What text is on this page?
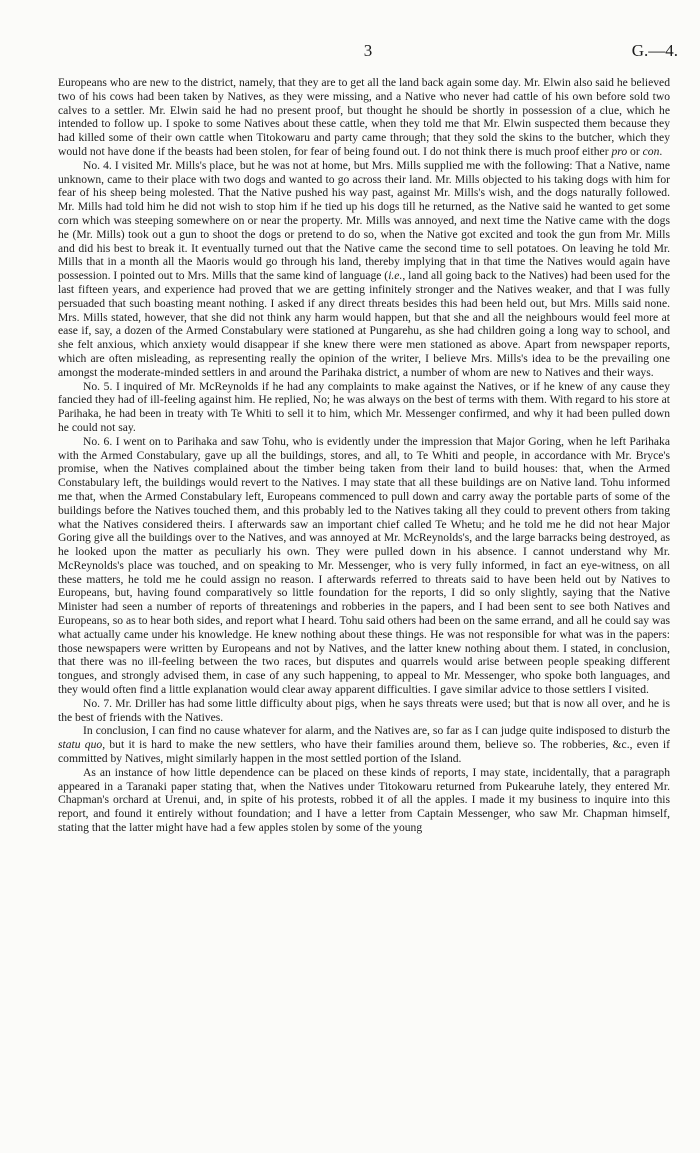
3	G.—4.

Europeans who are new to the district, namely, that they are to get all the land back again some day. Mr. Elwin also said he believed two of his cows had been taken by Natives, as they were missing, and a Native who never had cattle of his own before sold two calves to a settler. Mr. Elwin said he had no present proof, but thought he should be shortly in possession of a clue, which he intended to follow up. I spoke to some Natives about these cattle, when they told me that Mr. Elwin suspected them because they had killed some of their own cattle when Titokowaru and party came through; that they sold the skins to the butcher, which they would not have done if the beasts had been stolen, for fear of being found out. I do not think there is much proof either pro or con.

No. 4. I visited Mr. Mills's place, but he was not at home, but Mrs. Mills supplied me with the following: That a Native, name unknown, came to their place with two dogs and wanted to go across their land. Mr. Mills objected to his taking dogs with him for fear of his sheep being molested. That the Native pushed his way past, against Mr. Mills's wish, and the dogs naturally followed. Mr. Mills had told him he did not wish to stop him if he tied up his dogs till he returned, as the Native said he wanted to get some corn which was steeping somewhere on or near the property. Mr. Mills was annoyed, and next time the Native came with the dogs he (Mr. Mills) took out a gun to shoot the dogs or pretend to do so, when the Native got excited and took the gun from Mr. Mills and did his best to break it. It eventually turned out that the Native came the second time to sell potatoes. On leaving he told Mr. Mills that in a month all the Maoris would go through his land, thereby implying that in that time the Natives would again have possession. I pointed out to Mrs. Mills that the same kind of language (i.e., land all going back to the Natives) had been used for the last fifteen years, and experience had proved that we are getting infinitely stronger and the Natives weaker, and that I was fully persuaded that such boasting meant nothing. I asked if any direct threats besides this had been held out, but Mrs. Mills said none. Mrs. Mills stated, however, that she did not think any harm would happen, but that she and all the neighbours would feel more at ease if, say, a dozen of the Armed Constabulary were stationed at Pungarehu, as she had children going a long way to school, and she felt anxious, which anxiety would disappear if she knew there were men stationed as above. Apart from newspaper reports, which are often misleading, as representing really the opinion of the writer, I believe Mrs. Mills's idea to be the prevailing one amongst the moderate-minded settlers in and around the Parihaka district, a number of whom are new to Natives and their ways.

No. 5. I inquired of Mr. McReynolds if he had any complaints to make against the Natives, or if he knew of any cause they fancied they had of ill-feeling against him. He replied, No; he was always on the best of terms with them. With regard to his store at Parihaka, he had been in treaty with Te Whiti to sell it to him, which Mr. Messenger confirmed, and why it had been pulled down he could not say.

No. 6. I went on to Parihaka and saw Tohu, who is evidently under the impression that Major Goring, when he left Parihaka with the Armed Constabulary, gave up all the buildings, stores, and all, to Te Whiti and people, in accordance with Mr. Bryce's promise, when the Natives complained about the timber being taken from their land to build houses: that, when the Armed Constabulary left, the buildings would revert to the Natives. I may state that all these buildings are on Native land. Tohu informed me that, when the Armed Constabulary left, Europeans commenced to pull down and carry away the portable parts of some of the buildings before the Natives touched them, and this probably led to the Natives taking all they could to prevent others from taking what the Natives considered theirs. I afterwards saw an important chief called Te Whetu; and he told me he did not hear Major Goring give all the buildings over to the Natives, and was annoyed at Mr. McReynolds's, and the large barracks being destroyed, as he looked upon the matter as peculiarly his own. They were pulled down in his absence. I cannot understand why Mr. McReynolds's place was touched, and on speaking to Mr. Messenger, who is very fully informed, in fact an eye-witness, on all these matters, he told me he could assign no reason. I afterwards referred to threats said to have been held out by Natives to Europeans, but, having found comparatively so little foundation for the reports, I did so only slightly, saying that the Native Minister had seen a number of reports of threatenings and robberies in the papers, and I had been sent to see both Natives and Europeans, so as to hear both sides, and report what I heard. Tohu said others had been on the same errand, and all he could say was what actually came under his knowledge. He knew nothing about these things. He was not responsible for what was in the papers: those newspapers were written by Europeans and not by Natives, and the latter knew nothing about them. I stated, in conclusion, that there was no ill-feeling between the two races, but disputes and quarrels would arise between people speaking different tongues, and strongly advised them, in case of any such happening, to appeal to Mr. Messenger, who spoke both languages, and they would often find a little explanation would clear away apparent difficulties. I gave similar advice to those settlers I visited.

No. 7. Mr. Driller has had some little difficulty about pigs, when he says threats were used; but that is now all over, and he is the best of friends with the Natives.

In conclusion, I can find no cause whatever for alarm, and the Natives are, so far as I can judge quite indisposed to disturb the statu quo, but it is hard to make the new settlers, who have their families around them, believe so. The robberies, &c., even if committed by Natives, might similarly happen in the most settled portion of the Island.

As an instance of how little dependence can be placed on these kinds of reports, I may state, incidentally, that a paragraph appeared in a Taranaki paper stating that, when the Natives under Titokowaru returned from Pukearuhe lately, they entered Mr. Chapman's orchard at Urenui, and, in spite of his protests, robbed it of all the apples. I made it my business to inquire into this report, and found it entirely without foundation; and I have a letter from Captain Messenger, who saw Mr. Chapman himself, stating that the latter might have had a few apples stolen by some of the young
